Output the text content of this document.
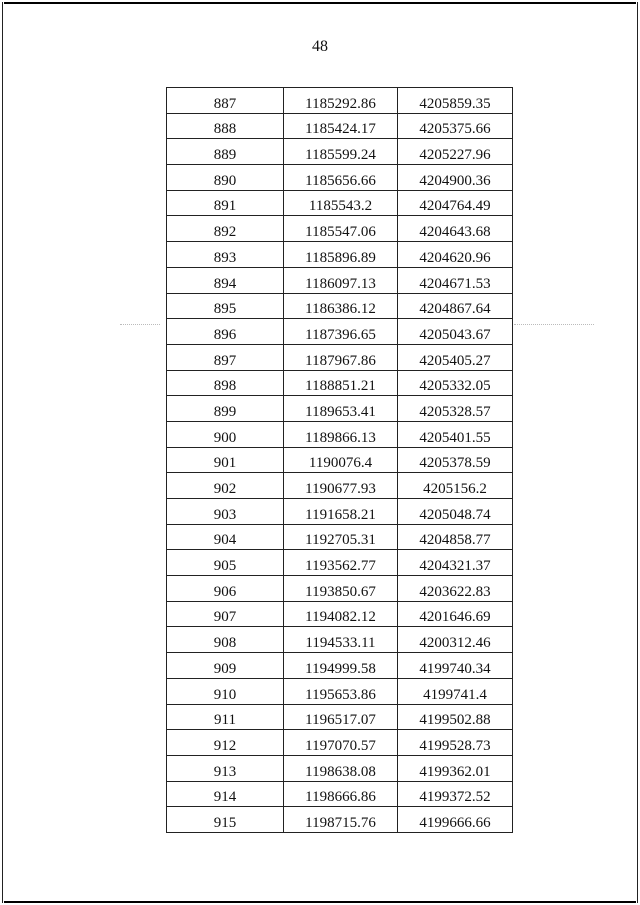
48
887	1185292.86	4205859.35
888	1185424.17	4205375.66
889	1185599.24	4205227.96
890	1185656.66	4204900.36
891	1185543.2	4204764.49
892	1185547.06	4204643.68
893	1185896.89	4204620.96
894	1186097.13	4204671.53
895	1186386.12	4204867.64
896	1187396.65	4205043.67
897	1187967.86	4205405.27
898	1188851.21	4205332.05
899	1189653.41	4205328.57
900	1189866.13	4205401.55
901	1190076.4	4205378.59
902	1190677.93	4205156.2
903	1191658.21	4205048.74
904	1192705.31	4204858.77
905	1193562.77	4204321.37
906	1193850.67	4203622.83
907	1194082.12	4201646.69
908	1194533.11	4200312.46
909	1194999.58	4199740.34
910	1195653.86	4199741.4
911	1196517.07	4199502.88
912	1197070.57	4199528.73
913	1198638.08	4199362.01
914	1198666.86	4199372.52
915	1198715.76	4199666.66
